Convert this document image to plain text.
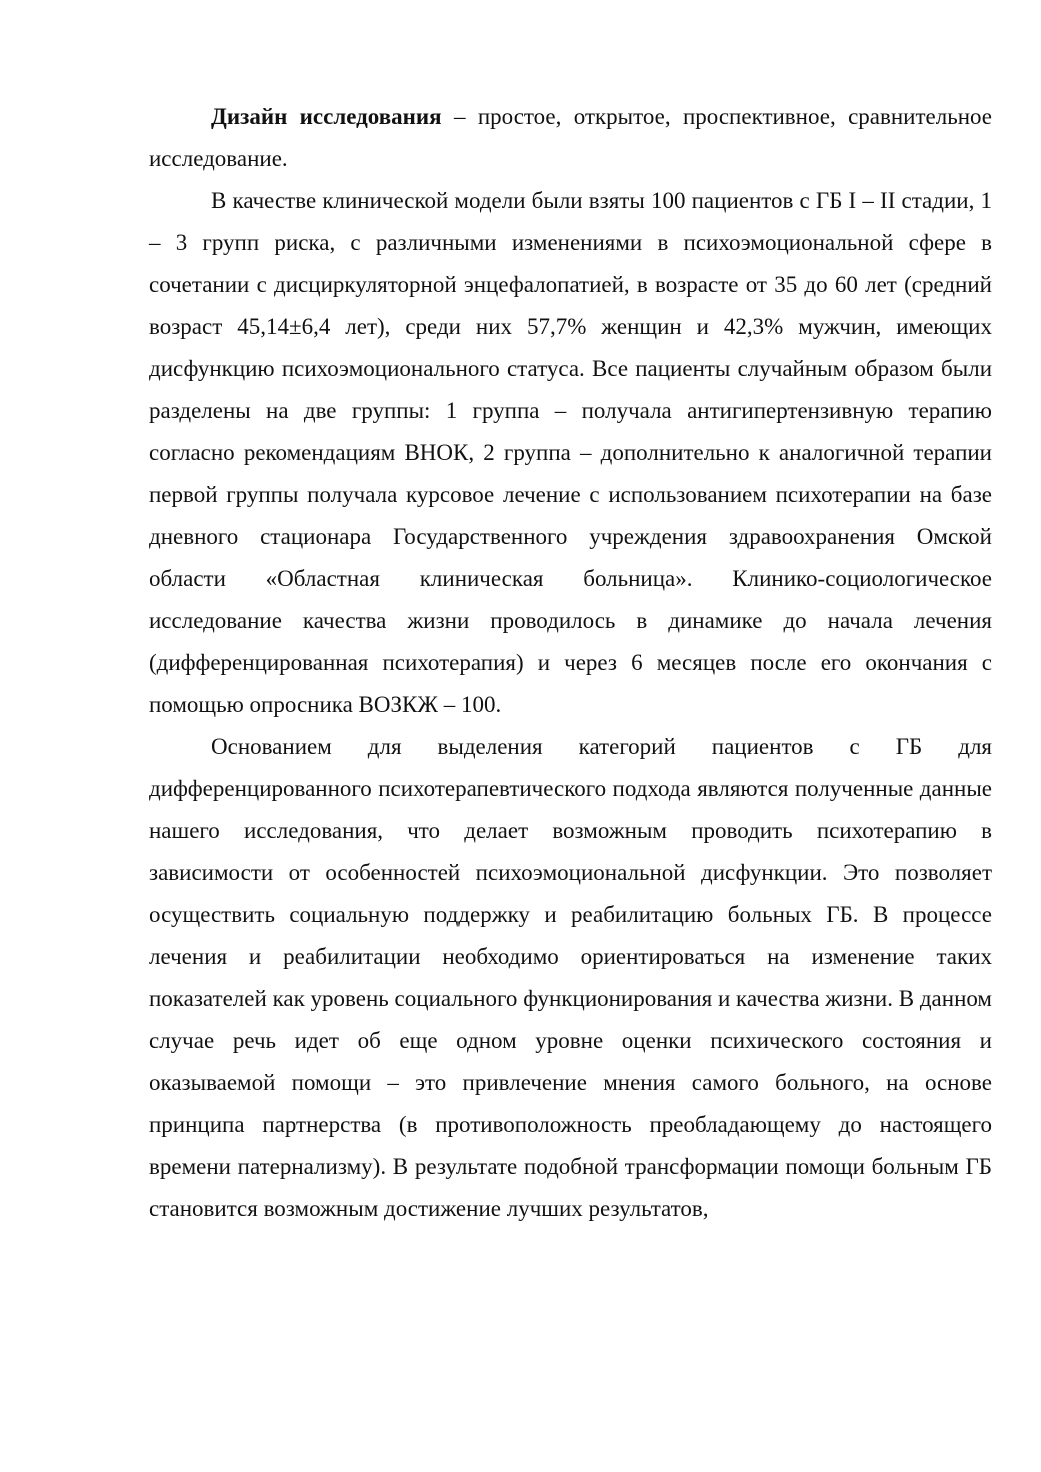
Дизайн исследования – простое, открытое, проспективное, сравнительное исследование.

В качестве клинической модели были взяты 100 пациентов с ГБ I – II стадии, 1 – 3 групп риска, с различными изменениями в психоэмоциональной сфере в сочетании с дисциркуляторной энцефалопатией, в возрасте от 35 до 60 лет (средний возраст 45,14±6,4 лет), среди них 57,7% женщин и 42,3% мужчин, имеющих дисфункцию психоэмоционального статуса. Все пациенты случайным образом были разделены на две группы: 1 группа – получала антигипертензивную терапию согласно рекомендациям ВНОК, 2 группа – дополнительно к аналогичной терапии первой группы получала курсовое лечение с использованием психотерапии на базе дневного стационара Государственного учреждения здравоохранения Омской области «Областная клиническая больница». Клинико-социологическое исследование качества жизни проводилось в динамике до начала лечения (дифференцированная психотерапия) и через 6 месяцев после его окончания с помощью опросника ВОЗКЖ – 100.

Основанием для выделения категорий пациентов с ГБ для дифференцированного психотерапевтического подхода являются полученные данные нашего исследования, что делает возможным проводить психотерапию в зависимости от особенностей психоэмоциональной дисфункции. Это позволяет осуществить социальную поддержку и реабилитацию больных ГБ. В процессе лечения и реабилитации необходимо ориентироваться на изменение таких показателей как уровень социального функционирования и качества жизни. В данном случае речь идет об еще одном уровне оценки психического состояния и оказываемой помощи – это привлечение мнения самого больного, на основе принципа партнерства (в противоположность преобладающему до настоящего времени патернализму). В результате подобной трансформации помощи больным ГБ становится возможным достижение лучших результатов,
